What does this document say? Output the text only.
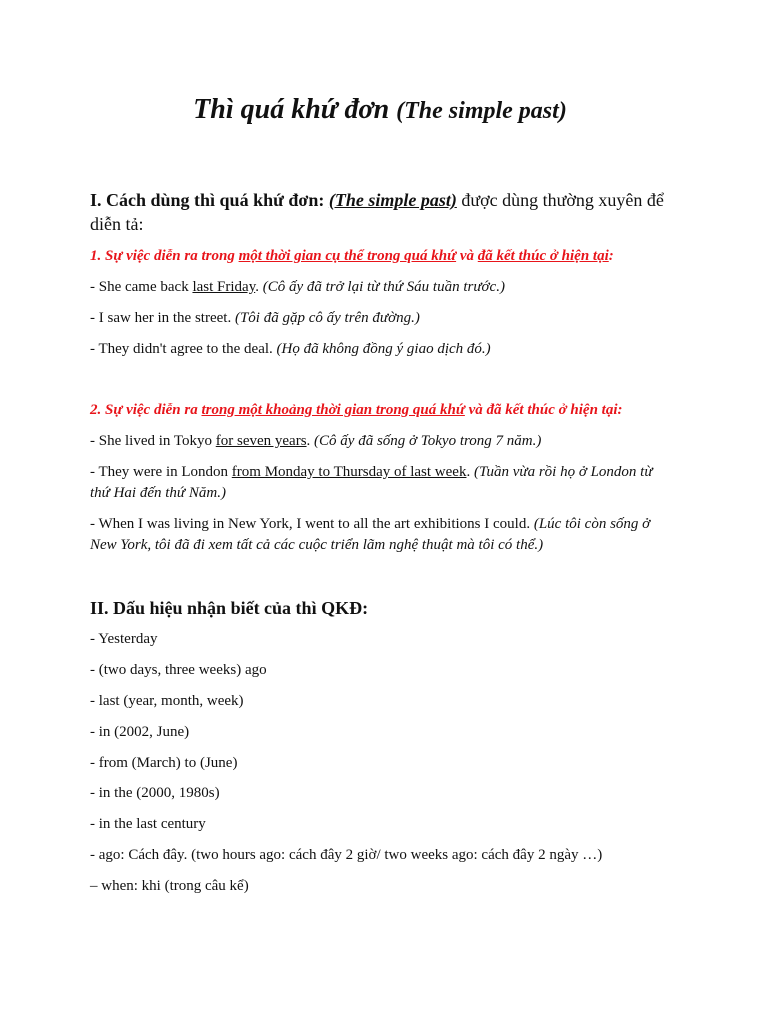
Thì quá khứ đơn (The simple past)
I. Cách dùng thì quá khứ đơn: (The simple past) được dùng thường xuyên để diễn tả:
1. Sự việc diễn ra trong một thời gian cụ thể trong quá khứ và đã kết thúc ở hiện tại:
- She came back last Friday. (Cô ấy đã trở lại từ thứ Sáu tuần trước.)
- I saw her in the street. (Tôi đã gặp cô ấy trên đường.)
- They didn't agree to the deal. (Họ đã không đồng ý giao dịch đó.)
2. Sự việc diễn ra trong một khoảng thời gian trong quá khứ và đã kết thúc ở hiện tại:
- She lived in Tokyo for seven years. (Cô ấy đã sống ở Tokyo trong 7 năm.)
- They were in London from Monday to Thursday of last week. (Tuần vừa rồi họ ở London từ thứ Hai đến thứ Năm.)
- When I was living in New York, I went to all the art exhibitions I could. (Lúc tôi còn sống ở New York, tôi đã đi xem tất cả các cuộc triển lãm nghệ thuật mà tôi có thể.)
II. Dấu hiệu nhận biết của thì QKĐ:
- Yesterday
- (two days, three weeks) ago
- last (year, month, week)
- in (2002, June)
- from (March) to (June)
- in the (2000, 1980s)
- in the last century
- ago: Cách đây. (two hours ago: cách đây 2 giờ/ two weeks ago: cách đây 2 ngày …)
– when: khi (trong câu kể)
